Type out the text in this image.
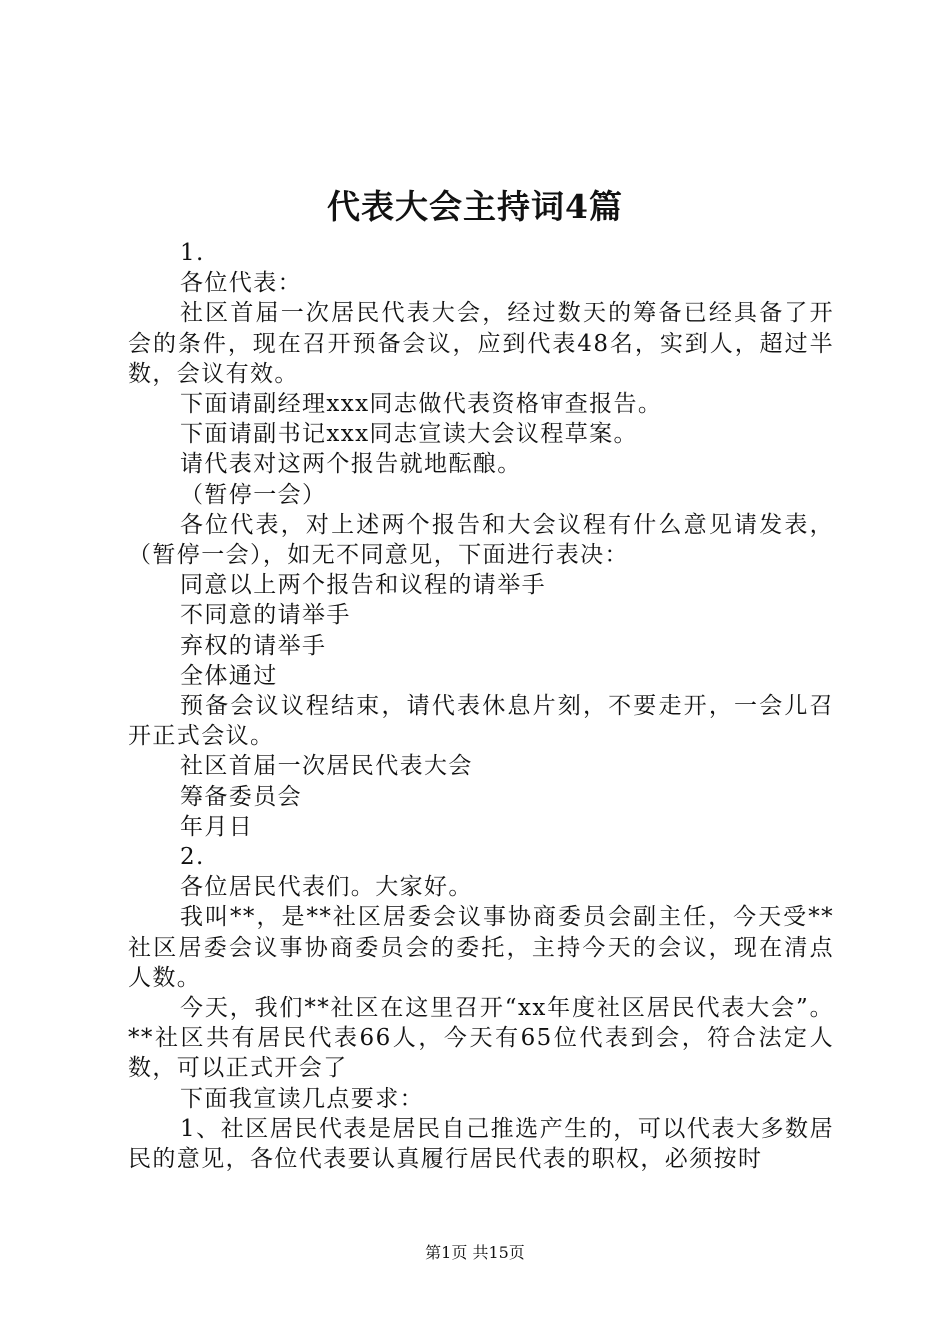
代表大会主持词4篇

1.

各位代表：

社区首届一次居民代表大会，经过数天的筹备已经具备了开会的条件，现在召开预备会议，应到代表48名，实到人，超过半数，会议有效。

下面请副经理xxx同志做代表资格审查报告。

下面请副书记xxx同志宣读大会议程草案。

请代表对这两个报告就地酝酿。

（暂停一会）

各位代表，对上述两个报告和大会议程有什么意见请发表，（暂停一会），如无不同意见，下面进行表决：

同意以上两个报告和议程的请举手

不同意的请举手

弃权的请举手

全体通过

预备会议议程结束，请代表休息片刻，不要走开，一会儿召开正式会议。

社区首届一次居民代表大会

筹备委员会

年月日

2.

各位居民代表们。大家好。

我叫**，是**社区居委会议事协商委员会副主任，今天受**社区居委会议事协商委员会的委托，主持今天的会议，现在清点人数。

今天，我们**社区在这里召开“xx年度社区居民代表大会”。**社区共有居民代表66人，今天有65位代表到会，符合法定人数，可以正式开会了

下面我宣读几点要求：

1、社区居民代表是居民自己推选产生的，可以代表大多数居民的意见，各位代表要认真履行居民代表的职权，必须按时

第1页 共15页
